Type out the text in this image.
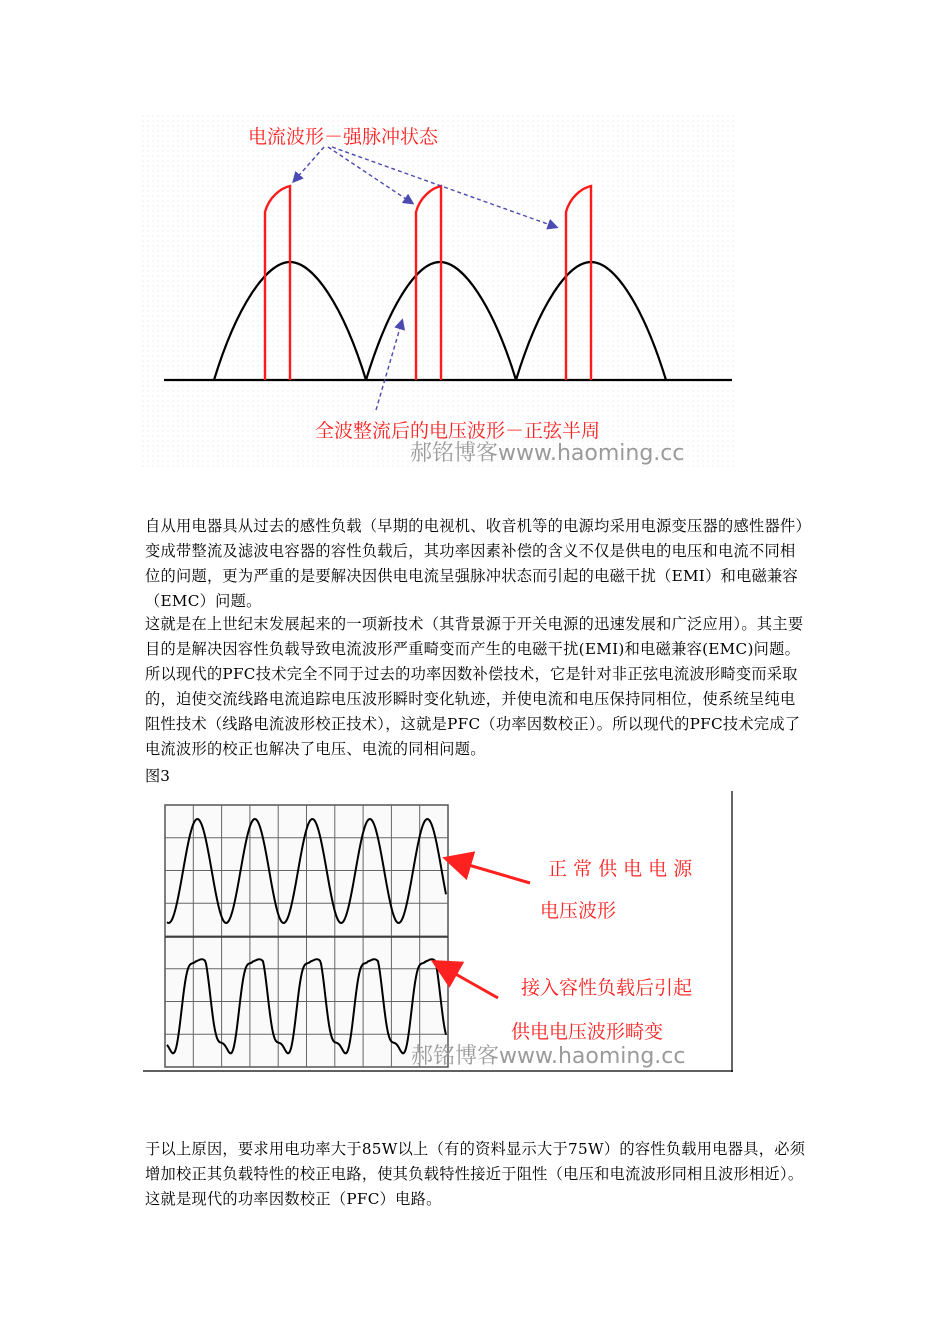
电流波形－强脉冲状态
全波整流后的电压波形－正弦半周
郝铭博客www.haoming.cc
自从用电器具从过去的感性负载（早期的电视机、收音机等的电源均采用电源变压器的感性器件）变成带整流及滤波电容器的容性负载后，其功率因素补偿的含义不仅是供电的电压和电流不同相位的问题，更为严重的是要解决因供电电流呈强脉冲状态而引起的电磁干扰（EMI）和电磁兼容（EMC）问题。
这就是在上世纪末发展起来的一项新技术（其背景源于开关电源的迅速发展和广泛应用）。其主要目的是解决因容性负载导致电流波形严重畸变而产生的电磁干扰(EMI)和电磁兼容(EMC)问题。所以现代的PFC技术完全不同于过去的功率因数补偿技术，它是针对非正弦电流波形畸变而采取的，迫使交流线路电流追踪电压波形瞬时变化轨迹，并使电流和电压保持同相位，使系统呈纯电阻性技术（线路电流波形校正技术），这就是PFC（功率因数校正）。所以现代的PFC技术完成了电流波形的校正也解决了电压、电流的同相问题。
图3
正 常 供 电 电 源
电压波形
接入容性负载后引起
供电电压波形畸变
郝铭博客www.haoming.cc
于以上原因，要求用电功率大于85W以上（有的资料显示大于75W）的容性负载用电器具，必须增加校正其负载特性的校正电路，使其负载特性接近于阻性（电压和电流波形同相且波形相近）。这就是现代的功率因数校正（PFC）电路。
